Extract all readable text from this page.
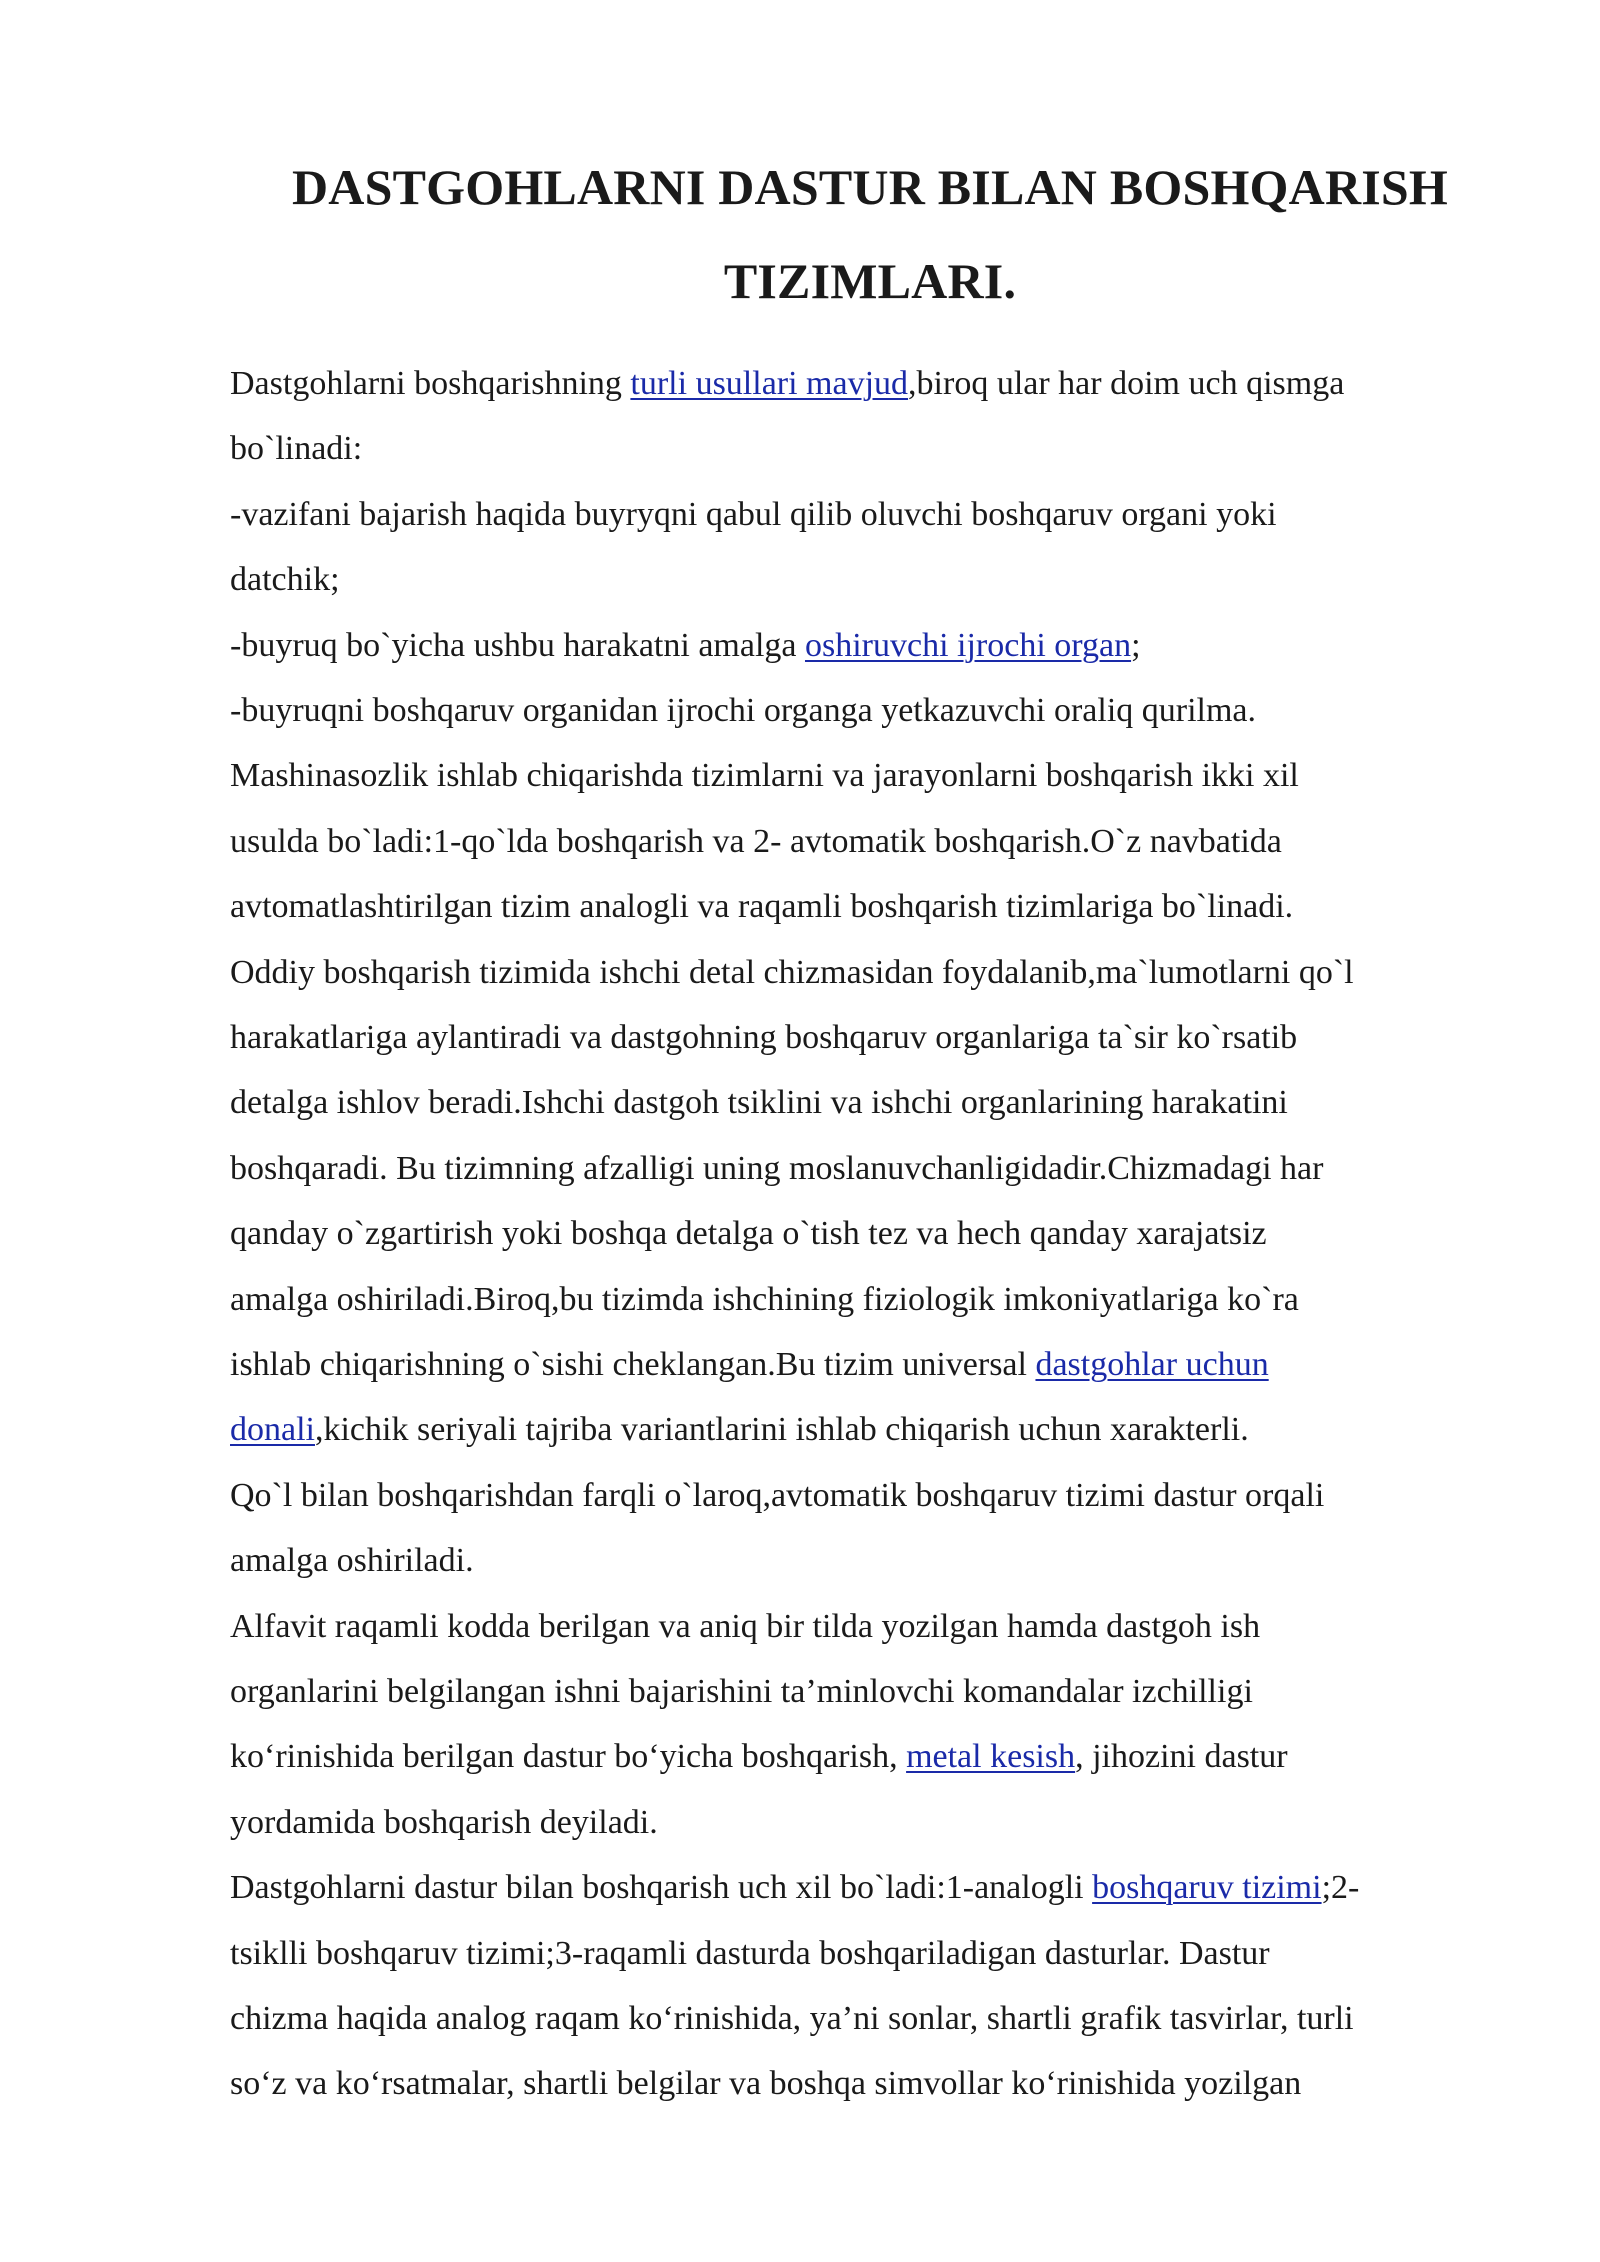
DASTGOHLARNI DASTUR BILAN BOSHQARISH
TIZIMLARI.
Dastgohlarni boshqarishning turli usullari mavjud,biroq ular har doim uch qismga
bo`linadi:
-vazifani bajarish haqida buyryqni qabul qilib oluvchi boshqaruv organi yoki
datchik;
-buyruq bo`yicha ushbu harakatni amalga oshiruvchi ijrochi organ;
-buyruqni boshqaruv organidan ijrochi organga yetkazuvchi oraliq qurilma.
Mashinasozlik ishlab chiqarishda tizimlarni va jarayonlarni boshqarish ikki xil
usulda bo`ladi:1-qo`lda boshqarish va 2- avtomatik boshqarish.O`z navbatida
avtomatlashtirilgan tizim analogli va raqamli boshqarish tizimlariga bo`linadi.
Oddiy boshqarish tizimida ishchi detal chizmasidan foydalanib,ma`lumotlarni qo`l
harakatlariga aylantiradi va dastgohning boshqaruv organlariga ta`sir ko`rsatib
detalga ishlov beradi.Ishchi dastgoh tsiklini va ishchi organlarining harakatini
boshqaradi. Bu tizimning afzalligi uning moslanuvchanligidadir.Chizmadagi har
qanday o`zgartirish yoki boshqa detalga o`tish tez va hech qanday xarajatsiz
amalga oshiriladi.Biroq,bu tizimda ishchining fiziologik imkoniyatlariga ko`ra
ishlab chiqarishning o`sishi cheklangan.Bu tizim universal dastgohlar uchun
donali,kichik seriyali tajriba variantlarini ishlab chiqarish uchun xarakterli.
Qo`l bilan boshqarishdan farqli o`laroq,avtomatik boshqaruv tizimi dastur orqali
amalga oshiriladi.
Alfavit raqamli kodda berilgan va aniq bir tilda yozilgan hamda dastgoh ish
organlarini belgilangan ishni bajarishini ta’minlovchi komandalar izchilligi
ko‘rinishida berilgan dastur bo‘yicha boshqarish, metal kesish, jihozini dastur
yordamida boshqarish deyiladi.
Dastgohlarni dastur bilan boshqarish uch xil bo`ladi:1-analogli boshqaruv tizimi;2-
tsiklli boshqaruv tizimi;3-raqamli dasturda boshqariladigan dasturlar. Dastur
chizma haqida analog raqam ko‘rinishida, ya’ni sonlar, shartli grafik tasvirlar, turli
so‘z va ko‘rsatmalar, shartli belgilar va boshqa simvollar ko‘rinishida yozilgan
